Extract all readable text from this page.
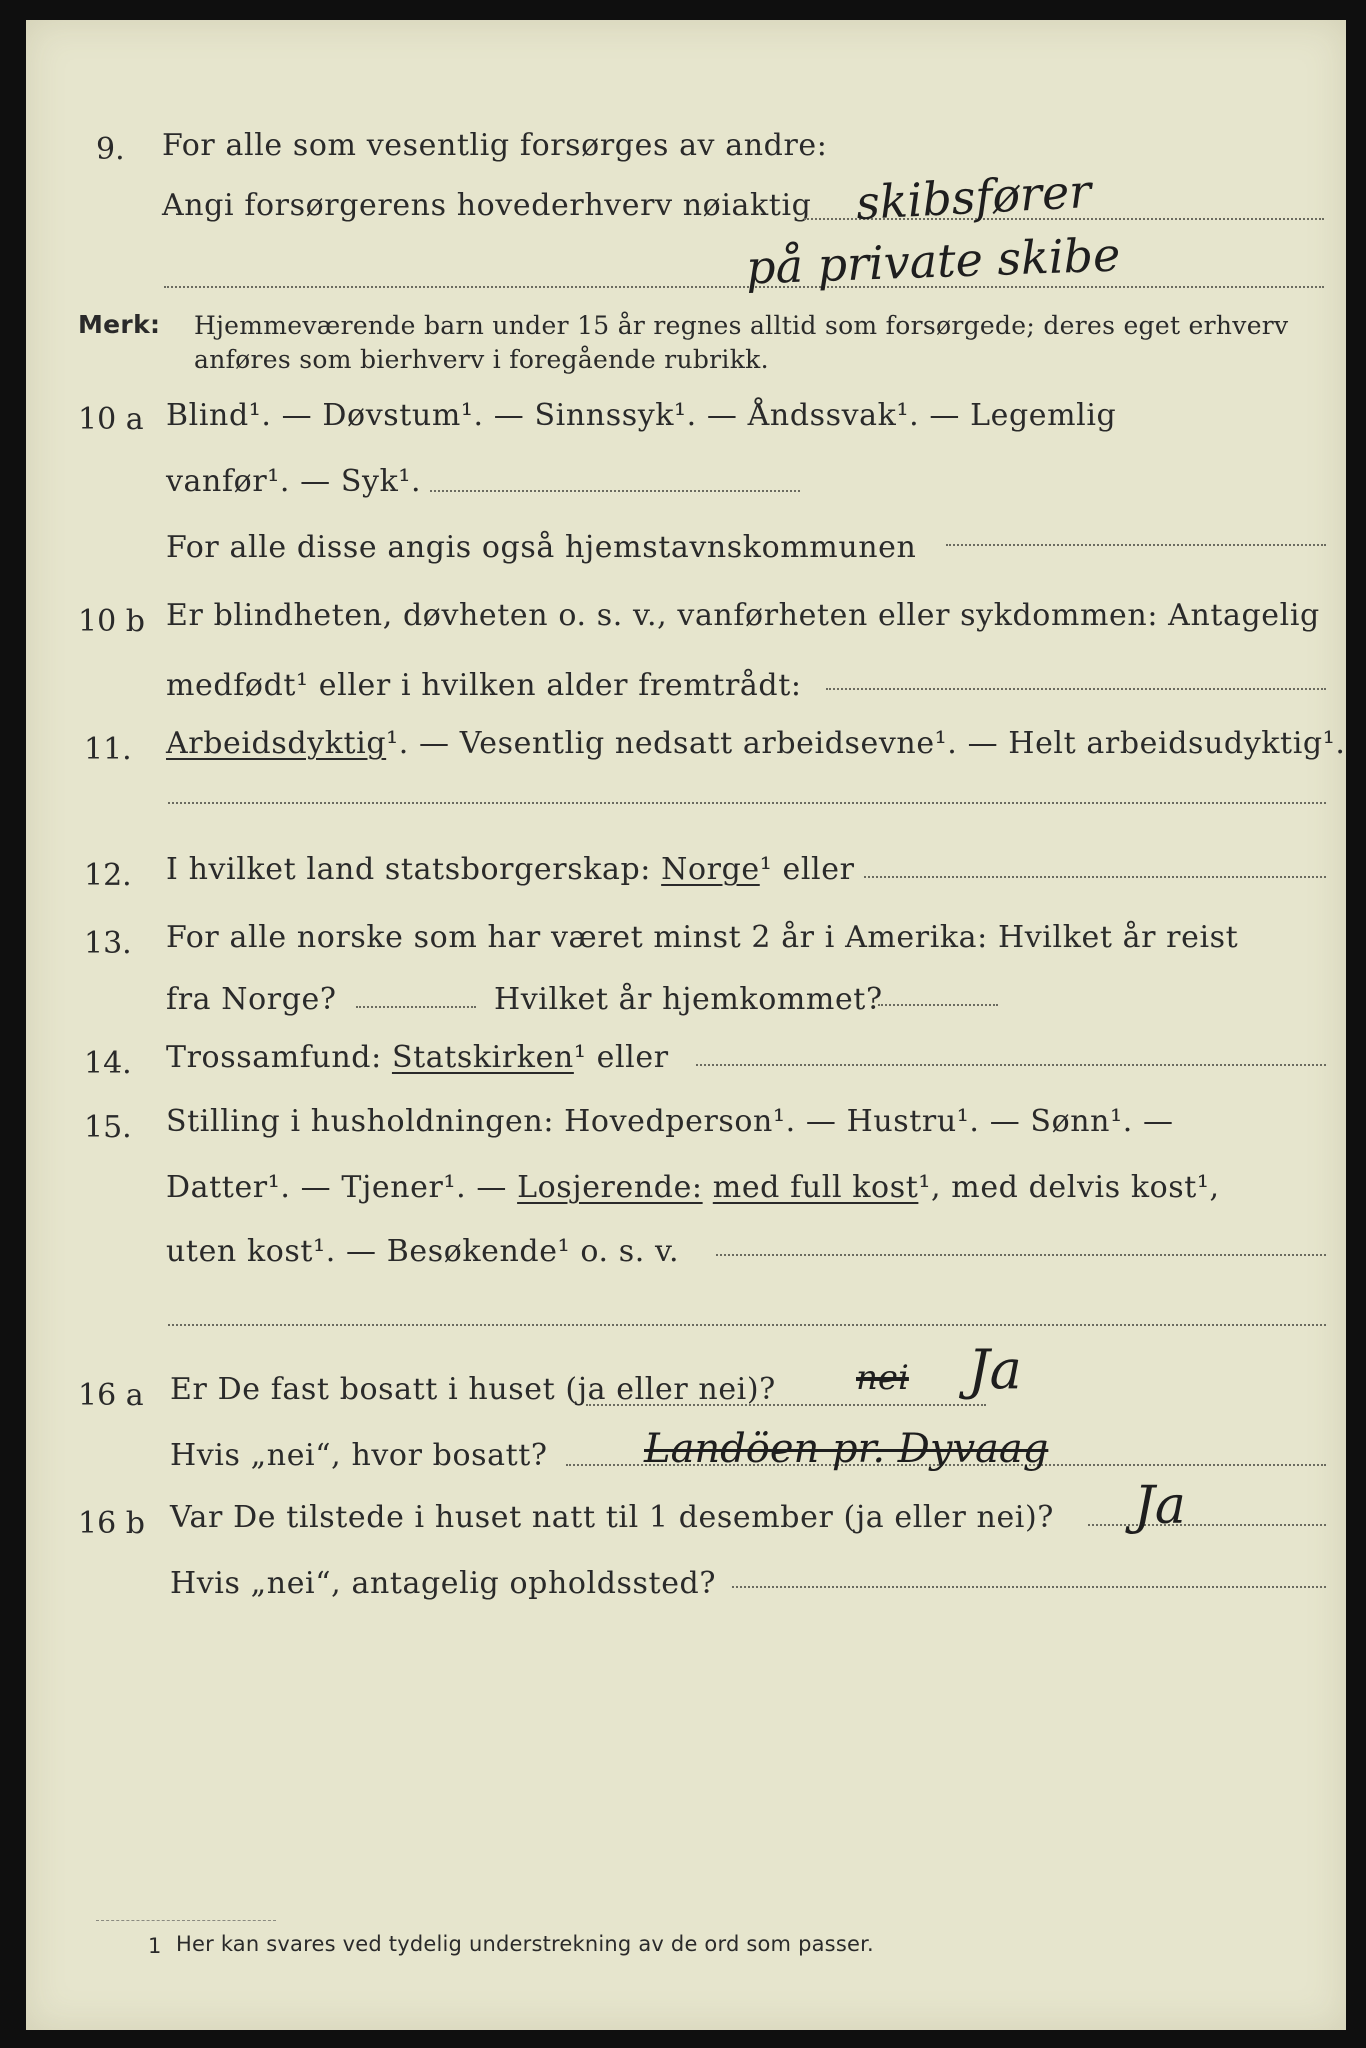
9. For alle som vesentlig forsørges av andre:
Angi forsørgerens hovederhverv nøiaktig skibsfører
på private skibe
Merk: Hjemmeværende barn under 15 år regnes alltid som forsørgede; deres eget erhverv
anføres som bierhverv i foregående rubrikk.
10 a Blind¹. — Døvstum¹. — Sinnssyk¹. — Åndssvak¹. — Legemlig
vanfør¹. — Syk¹.
For alle disse angis også hjemstavnskommunen
10 b Er blindheten, døvheten o. s. v., vanførheten eller sykdommen: Antagelig
medfødt¹ eller i hvilken alder fremtrådt:
11. Arbeidsdyktig¹. — Vesentlig nedsatt arbeidsevne¹. — Helt arbeidsudyktig¹.
12. I hvilket land statsborgerskap: Norge¹ eller
13. For alle norske som har været minst 2 år i Amerika: Hvilket år reist
fra Norge?	Hvilket år hjemkommet?
14. Trossamfund: Statskirken¹ eller
15. Stilling i husholdningen: Hovedperson¹. — Hustru¹. — Sønn¹. —
Datter¹. — Tjener¹. — Losjerende: med full kost¹, med delvis kost¹,
uten kost¹. — Besøkende¹ o. s. v.
16 a Er De fast bosatt i huset (ja eller nei)? nei Ja
Hvis „nei“, hvor bosatt? Landöen pr. Dyvaag
16 b Var De tilstede i huset natt til 1 desember (ja eller nei)? Ja
Hvis „nei“, antagelig opholdssted?
1 Her kan svares ved tydelig understrekning av de ord som passer.
